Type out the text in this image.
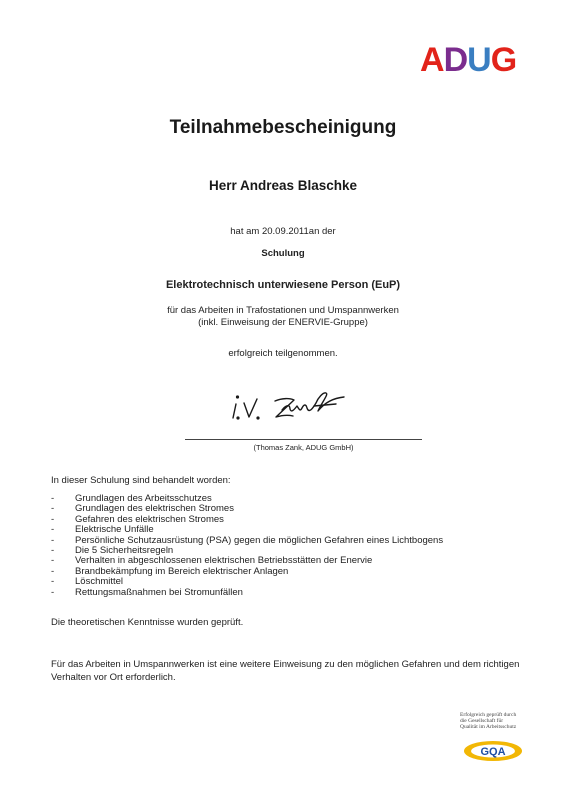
ADUG
Teilnahmebescheinigung
Herr Andreas Blaschke
hat am 20.09.2011an der
Schulung
Elektrotechnisch unterwiesene Person (EuP)
für das Arbeiten in Trafostationen und Umspannwerken
(inkl. Einweisung der ENERVIE-Gruppe)
erfolgreich teilgenommen.
(Thomas Zank, ADUG GmbH)
In dieser Schulung sind behandelt worden:
-	Grundlagen des Arbeitsschutzes
-	Grundlagen des elektrischen Stromes
-	Gefahren des elektrischen Stromes
-	Elektrische Unfälle
-	Persönliche Schutzausrüstung (PSA) gegen die möglichen Gefahren eines Lichtbogens
-	Die 5 Sicherheitsregeln
-	Verhalten in abgeschlossenen elektrischen Betriebsstätten der Enervie
-	Brandbekämpfung im Bereich elektrischer Anlagen
-	Löschmittel
-	Rettungsmaßnahmen bei Stromunfällen
Die theoretischen Kenntnisse wurden geprüft.
Für das Arbeiten in Umspannwerken ist eine weitere Einweisung zu den möglichen Gefahren und dem richtigen Verhalten vor Ort erforderlich.
Erfolgreich geprüft durch
die Gesellschaft für
Qualität im Arbeitsschutz
GQA
